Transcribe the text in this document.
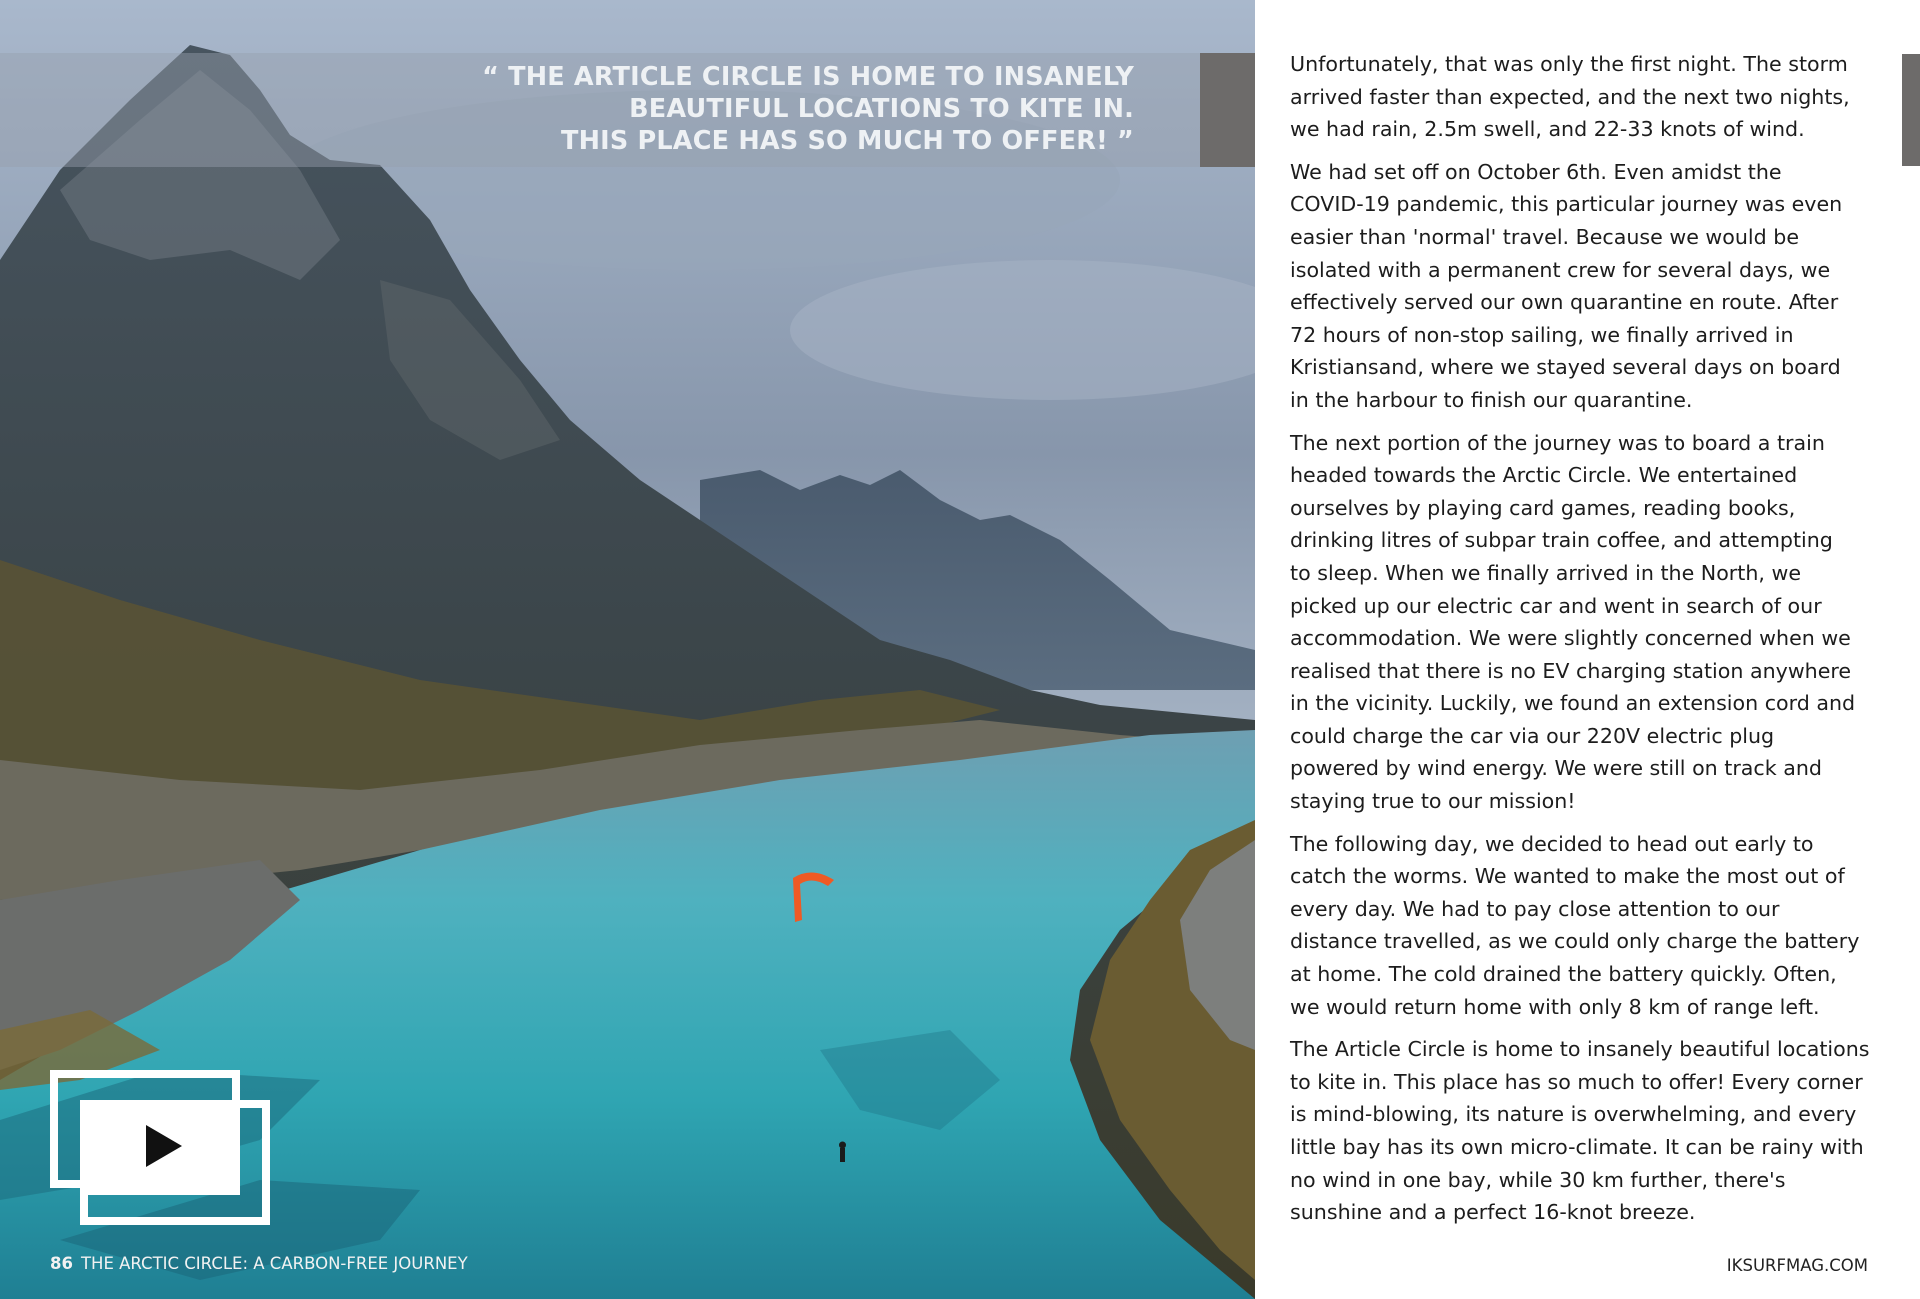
“ THE ARTICLE CIRCLE IS HOME TO INSANELY
BEAUTIFUL LOCATIONS TO KITE IN.
THIS PLACE HAS SO MUCH TO OFFER! ”
86 THE ARCTIC CIRCLE: A CARBON-FREE JOURNEY

Unfortunately, that was only the first night. The storm
arrived faster than expected, and the next two nights,
we had rain, 2.5m swell, and 22-33 knots of wind.

We had set off on October 6th. Even amidst the
COVID-19 pandemic, this particular journey was even
easier than 'normal' travel. Because we would be
isolated with a permanent crew for several days, we
effectively served our own quarantine en route. After
72 hours of non-stop sailing, we finally arrived in
Kristiansand, where we stayed several days on board
in the harbour to finish our quarantine.

The next portion of the journey was to board a train
headed towards the Arctic Circle. We entertained
ourselves by playing card games, reading books,
drinking litres of subpar train coffee, and attempting
to sleep. When we finally arrived in the North, we
picked up our electric car and went in search of our
accommodation. We were slightly concerned when we
realised that there is no EV charging station anywhere
in the vicinity. Luckily, we found an extension cord and
could charge the car via our 220V electric plug
powered by wind energy. We were still on track and
staying true to our mission!

The following day, we decided to head out early to
catch the worms. We wanted to make the most out of
every day. We had to pay close attention to our
distance travelled, as we could only charge the battery
at home. The cold drained the battery quickly. Often,
we would return home with only 8 km of range left.

The Article Circle is home to insanely beautiful locations
to kite in. This place has so much to offer! Every corner
is mind-blowing, its nature is overwhelming, and every
little bay has its own micro-climate. It can be rainy with
no wind in one bay, while 30 km further, there's
sunshine and a perfect 16-knot breeze.

IKSURFMAG.COM
